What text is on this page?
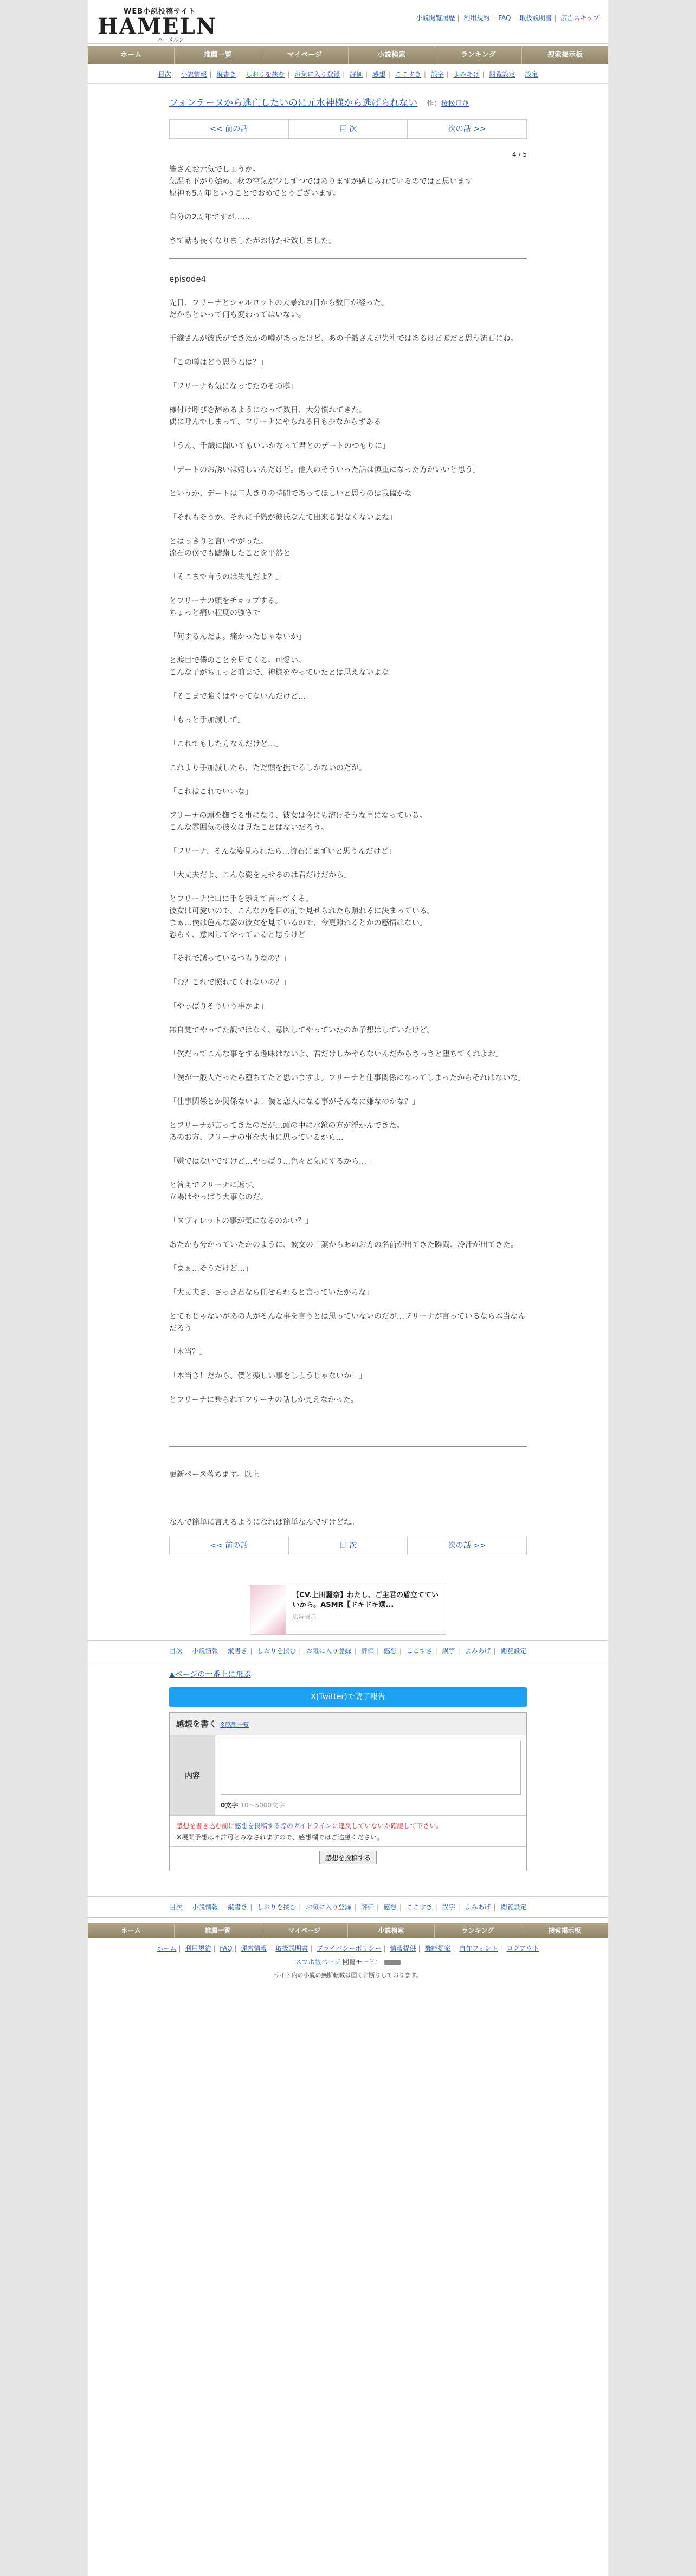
WEB小説投稿サイト
HAMELN
ハーメルン
小説閲覧履歴 | 利用規約 | FAQ | 取扱説明書 | 広告スキップ
ホーム	推薦一覧	マイページ	小説検索	ランキング	捜索掲示板
目次 | 小説情報 | 縦書き | しおりを挟む | お気に入り登録 | 評価 | 感想 | ここすき | 誤字 | よみあげ | 閲覧設定 | 設定
フォンテーヌから逃亡したいのに元水神様から逃げられない 作：桜松月並
<< 前の話	目 次	次の話 >>
4 / 5

皆さんお元気でしょうか。

気温も下がり始め、秋の空気が少しずつではありますが感じられているのではと思います

原神も5周年ということでおめでとうございます。

自分の2周年ですが……

さて話も長くなりましたがお待たせ致しました。

episode4

先日、フリーナとシャルロットの大暴れの日から数日が経った。

だからといって何も変わってはいない。

千織さんが彼氏ができたかの噂があったけど、あの千織さんが失礼ではあるけど嘘だと思う流石にね。

「この噂はどう思う君は？」

「フリーナも気になってたのその噂」

様付け呼びを辞めるようになって数日、大分慣れてきた。

偶に呼んでしまって、フリーナにやられる日も少なからずある

「うん、千織に聞いてもいいかなって君とのデートのつもりに」

「デートのお誘いは嬉しいんだけど。他人のそういった話は慎重になった方がいいと思う」

というか、デートは二人きりの時間であってほしいと思うのは我儘かな

「それもそうか。それに千織が彼氏なんて出来る訳なくないよね」

とはっきりと言いやがった。

流石の僕でも躊躇したことを平然と

「そこまで言うのは失礼だよ？」

とフリーナの頭をチョップする。

ちょっと痛い程度の強さで

「何するんだよ。痛かったじゃないか」

と涙目で僕のことを見てくる。可愛い。

こんな子がちょっと前まで、神様をやっていたとは思えないよな

「そこまで強くはやってないんだけど…」

「もっと手加減して」

「これでもした方なんだけど…」

これより手加減したら、ただ頭を撫でるしかないのだが。

「これはこれでいいな」

フリーナの頭を撫でる事になり、彼女は今にも溶けそうな事になっている。

こんな雰囲気の彼女は見たことはないだろう。

「フリーナ、そんな姿見られたら…流石にまずいと思うんだけど」

「大丈夫だよ、こんな姿を見せるのは君だけだから」

とフリーナは口に手を添えて言ってくる。

彼女は可愛いので、こんなのを目の前で見せられたら照れるに決まっている。

まぁ…僕は色んな姿の彼女を見ているので、今更照れるとかの感情はない。

恐らく、意図してやっていると思うけど

「それで誘っているつもりなの？」

「む？これで照れてくれないの？」

「やっぱりそういう事かよ」

無自覚でやってた訳ではなく、意図してやっていたのか予想はしていたけど。

「僕だってこんな事をする趣味はないよ、君だけしかやらないんだからさっさと堕ちてくれよお」

「僕が一般人だったら堕ちてたと思いますよ。フリーナと仕事関係になってしまったからそれはないな」

「仕事関係とか関係ないよ！僕と恋人になる事がそんなに嫌なのかな？」

とフリーナが言ってきたのだが…頭の中に水鏡の方が浮かんできた。

あのお方、フリーナの事を大事に思っているから…

「嫌ではないですけど…やっぱり…色々と気にするから…」

と答えでフリーナに返す。

立場はやっぱり大事なのだ。

「ヌヴィレットの事が気になるのかい？」

あたかも分かっていたかのように、彼女の言葉からあのお方の名前が出てきた瞬間、冷汗が出てきた。

「まぁ…そうだけど…」

「大丈夫さ、さっき君なら任せられると言っていたからな」

とてもじゃないがあの人がそんな事を言うとは思っていないのだが…フリーナが言っているなら本当なんだろう

「本当？」

「本当さ！だから、僕と楽しい事をしようじゃないか！」

とフリーナに乗られてフリーナの話しか見えなかった。

更新ペース落ちます。以上

なんで簡単に言えるようになれば簡単なんですけどね。

<< 前の話	目 次	次の話 >>
【CV.上田麗奈】わたし、ご主君の盾立てていいから。ASMR【ドキドキ選...
広告表示
目次 | 小説情報 | 縦書き | しおりを挟む | お気に入り登録 | 評価 | 感想 | ここすき | 誤字 | よみあげ | 閲覧設定
▲ページの一番上に飛ぶ
X(Twitter)で読了報告
感想を書く ※感想一覧
内容
0文字 10～5000文字
感想を書き込む前に感想を投稿する際のガイドラインに違反していないか確認して下さい。
※展開予想は不許可とみなされますので、感想欄ではご遠慮ください。
感想を投稿する
目次 | 小説情報 | 縦書き | しおりを挟む | お気に入り登録 | 評価 | 感想 | ここすき | 誤字 | よみあげ | 閲覧設定
ホーム	推薦一覧	マイページ	小説検索	ランキング	捜索掲示板
ホーム | 利用規約 | FAQ | 運営情報 | 取扱説明書 | プライバシーポリシー | 情報提供 | 機能提案 | 自作フォント | ログアウト
スマホ版ページ 閲覧モード：
サイト内の小説の無断転載は固くお断りしております。
